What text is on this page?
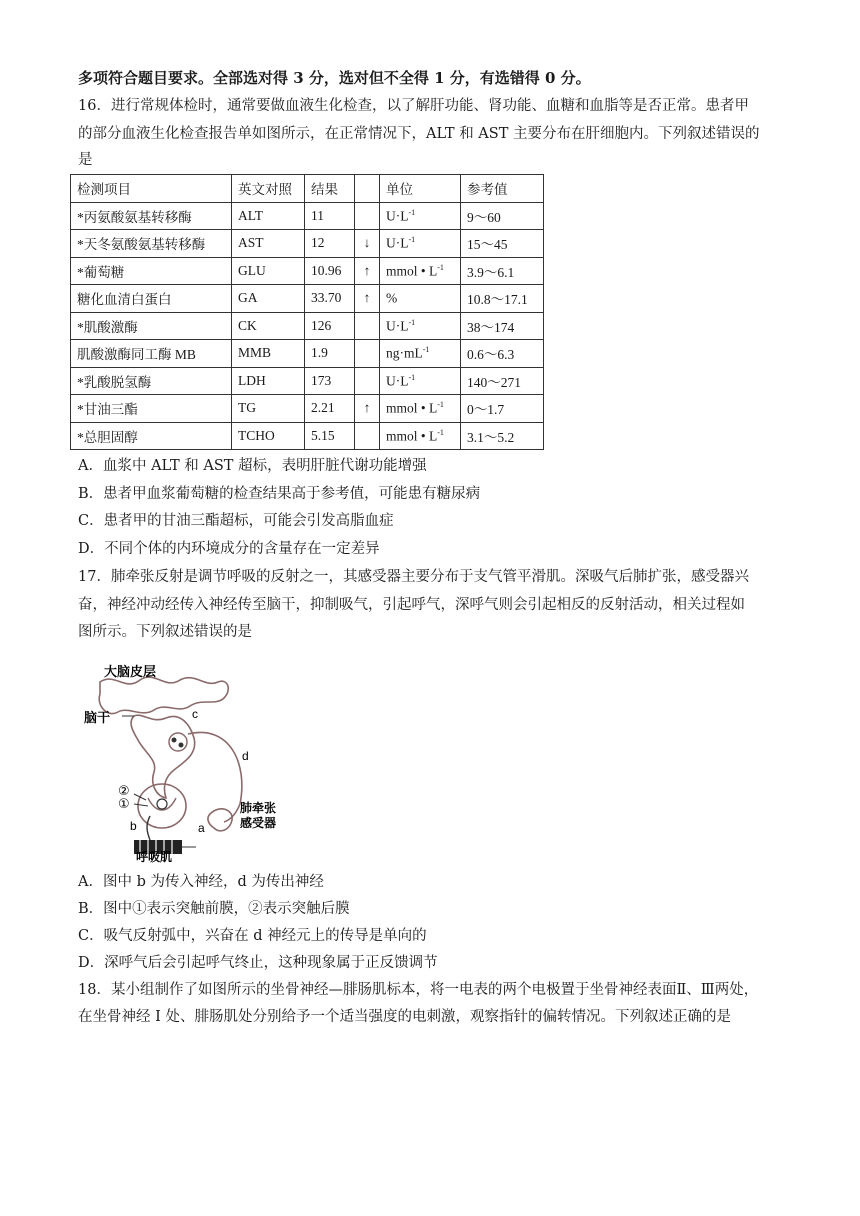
多项符合题目要求。全部选对得 3 分，选对但不全得 1 分，有选错得 0 分。
16．进行常规体检时，通常要做血液生化检查，以了解肝功能、肾功能、血糖和血脂等是否正常。患者甲
的部分血液生化检查报告单如图所示，在正常情况下，ALT 和 AST 主要分布在肝细胞内。下列叙述错误的
是
检测项目	英文对照	结果		单位	参考值
*丙氨酸氨基转移酶	ALT	11		$U\cdot L^{-1}$	9～60
*天冬氨酸氨基转移酶	AST	12	↓	$U\cdot L^{-1}$	15～45
*葡萄糖	GLU	10.96	↑	mmol • $L^{-1}$	3.9～6.1
糖化血清白蛋白	GA	33.70	↑	%	10.8～17.1
*肌酸激酶	CK	126		$U\cdot L^{-1}$	38～174
肌酸激酶同工酶 MB	MMB	1.9		$ng\cdot mL^{-1}$	0.6～6.3
*乳酸脱氢酶	LDH	173		$U\cdot L^{-1}$	140～271
*甘油三酯	TG	2.21	↑	mmol • $L^{-1}$	0～1.7
*总胆固醇	TCHO	5.15		mmol • $L^{-1}$	3.1～5.2
A．血浆中 ALT 和 AST 超标，表明肝脏代谢功能增强
B．患者甲血浆葡萄糖的检查结果高于参考值，可能患有糖尿病
C．患者甲的甘油三酯超标，可能会引发高脂血症
D．不同个体的内环境成分的含量存在一定差异
17．肺牵张反射是调节呼吸的反射之一，其感受器主要分布于支气管平滑肌。深吸气后肺扩张，感受器兴
奋，神经冲动经传入神经传至脑干，抑制吸气，引起呼气，深呼气则会引起相反的反射活动，相关过程如
图所示。下列叙述错误的是
大脑皮层
脑干	c
d
②
①
b	a
肺牵张
感受器
呼吸肌
A．图中 b 为传入神经，d 为传出神经
B．图中①表示突触前膜，②表示突触后膜
C．吸气反射弧中，兴奋在 d 神经元上的传导是单向的
D．深呼气后会引起呼气终止，这种现象属于正反馈调节
18．某小组制作了如图所示的坐骨神经—腓肠肌标本，将一电表的两个电极置于坐骨神经表面Ⅱ、Ⅲ两处，
在坐骨神经 I 处、腓肠肌处分别给予一个适当强度的电刺激，观察指针的偏转情况。下列叙述正确的是
